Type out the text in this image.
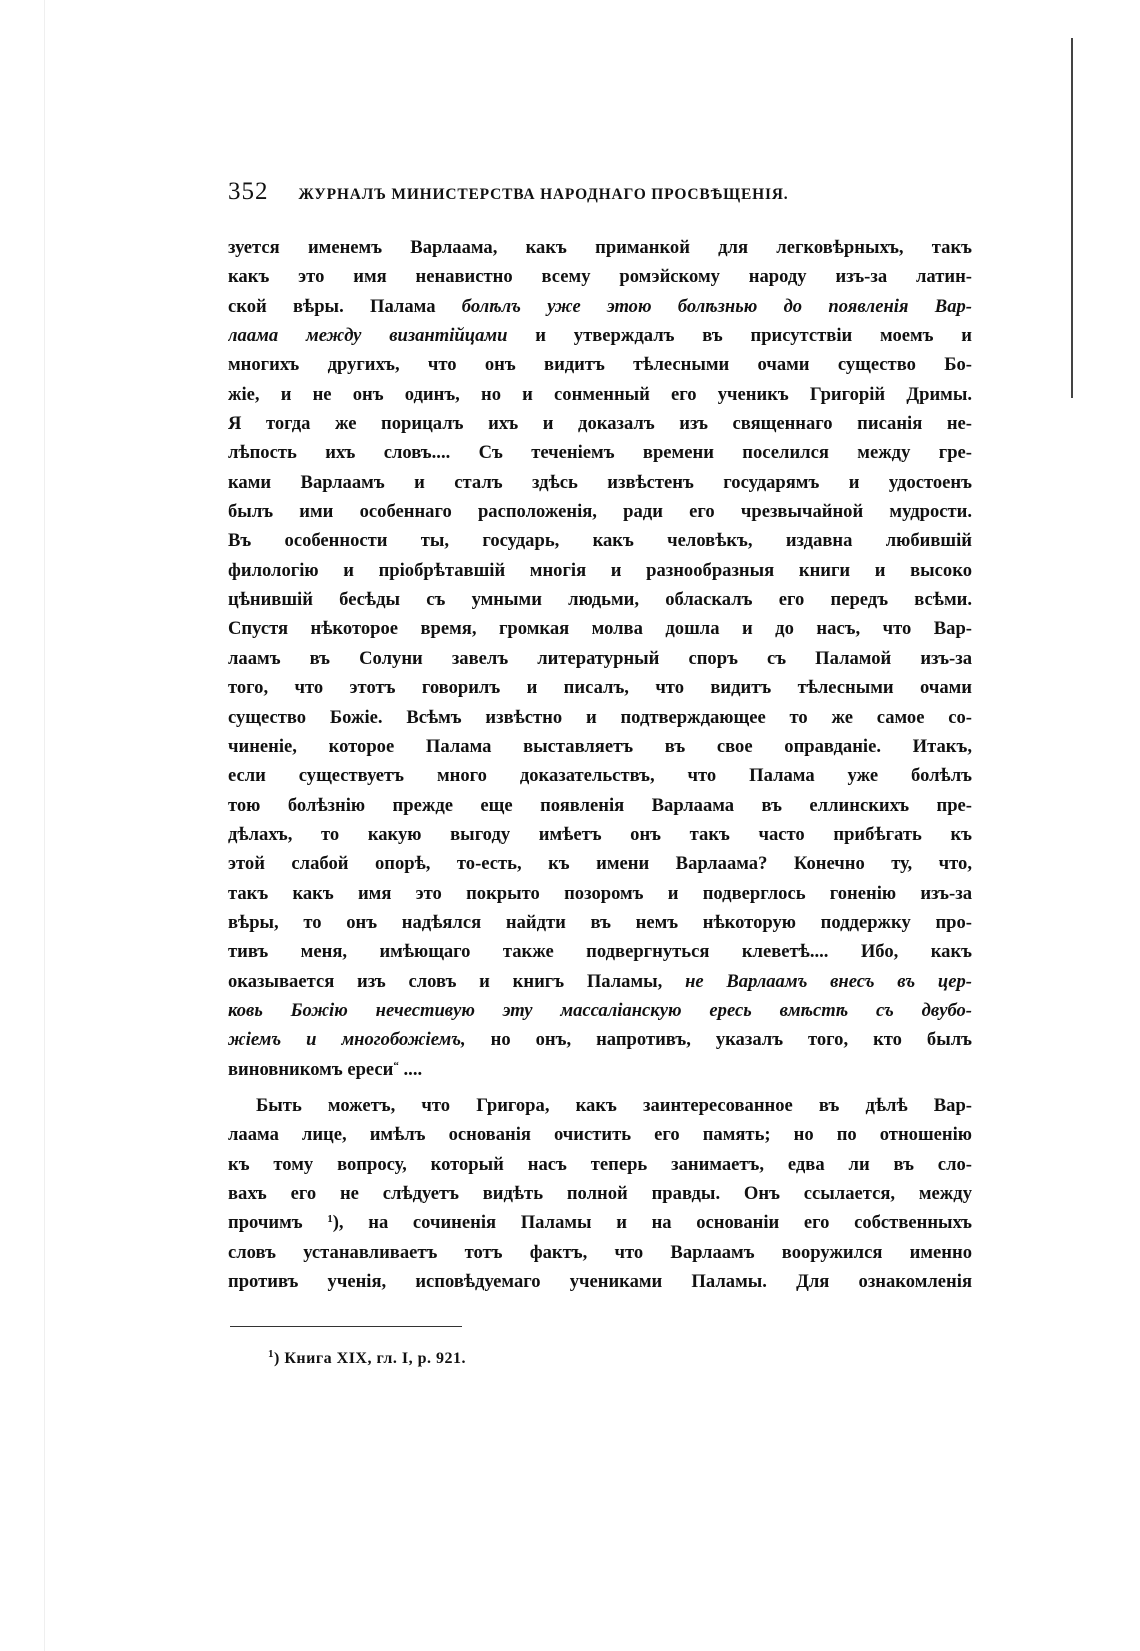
352 ЖУРНАЛЪ МИНИСТЕРСТВА НАРОДНАГО ПРОСВѢЩЕНІЯ.
зуется именемъ Варлаама, какъ приманкой для легковѣрныхъ, такъ
какъ это имя ненавистно всему ромэйскому народу изъ-за латин-
ской вѣры. Палама болѣлъ уже этою болѣзнью до появленія Вар-
лаама между византійцами и утверждалъ въ присутствіи моемъ и
многихъ другихъ, что онъ видитъ тѣлесными очами существо Бо-
жіе, и не онъ одинъ, но и сонменный его ученикъ Григорій Дримы.
Я тогда же порицалъ ихъ и доказалъ изъ священнаго писанія не-
лѣпость ихъ словъ.... Съ теченіемъ времени поселился между гре-
ками Варлаамъ и сталъ здѣсь извѣстенъ государямъ и удостоенъ
былъ ими особеннаго расположенія, ради его чрезвычайной мудрости.
Въ особенности ты, государь, какъ человѣкъ, издавна любившій
филологію и пріобрѣтавшій многія и разнообразныя книги и высоко
цѣнившій бесѣды съ умными людьми, обласкалъ его передъ всѣми.
Спустя нѣкоторое время, громкая молва дошла и до насъ, что Вар-
лаамъ въ Солуни завелъ литературный споръ съ Паламой изъ-за
того, что этотъ говорилъ и писалъ, что видитъ тѣлесными очами
существо Божіе. Всѣмъ извѣстно и подтверждающее то же самое со-
чиненіе, которое Палама выставляетъ въ свое оправданіе. Итакъ,
если существуетъ много доказательствъ, что Палама уже болѣлъ
тою болѣзнію прежде еще появленія Варлаама въ еллинскихъ пре-
дѣлахъ, то какую выгоду имѣетъ онъ такъ часто прибѣгать къ
этой слабой опорѣ, то-есть, къ имени Варлаама? Конечно ту, что,
такъ какъ имя это покрыто позоромъ и подверглось гоненію изъ-за
вѣры, то онъ надѣялся найдти въ немъ нѣкоторую поддержку про-
тивъ меня, имѣющаго также подвергнуться клеветѣ.... Ибо, какъ
оказывается изъ словъ и книгъ Паламы, не Варлаамъ внесъ въ цер-
ковь Божію нечестивую эту массаліанскую ересь вмѣстѣ съ двубо-
жіемъ и многобожіемъ, но онъ, напротивъ, указалъ того, кто былъ
виновникомъ ереси“ ....
Быть можетъ, что Григора, какъ заинтересованное въ дѣлѣ Вар-
лаама лице, имѣлъ основанія очистить его память; но по отношенію
къ тому вопросу, который насъ теперь занимаетъ, едва ли въ сло-
вахъ его не слѣдуетъ видѣть полной правды. Онъ ссылается, между
прочимъ $^1$), на сочиненія Паламы и на основаніи его собственныхъ
словъ устанавливаетъ тотъ фактъ, что Варлаамъ вооружился именно
противъ ученія, исповѣдуемаго учениками Паламы. Для ознакомленія
$^1$) Книга XIX, гл. I, p. 921.
